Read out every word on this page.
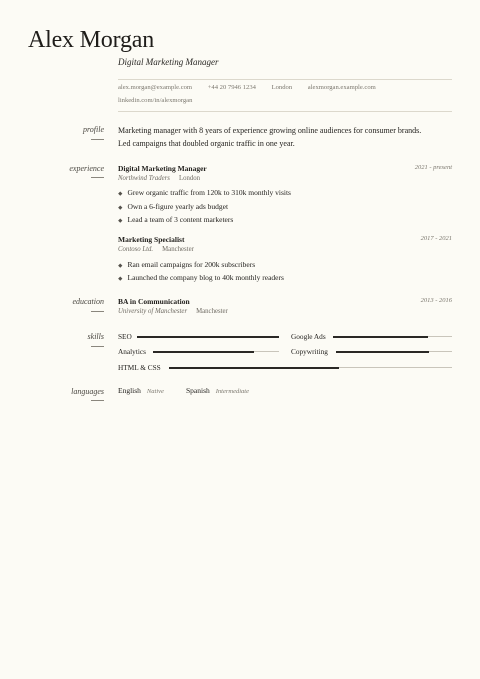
Alex Morgan
Digital Marketing Manager
alex.morgan@example.com +44 20 7946 1234 London alexmorgan.example.com
linkedin.com/in/alexmorgan
profile Marketing manager with 8 years of experience growing online audiences for consumer brands.
Led campaigns that doubled organic traffic in one year.
experience Digital Marketing Manager	2021 - present
Northwind Traders London
Grew organic traffic from 120k to 310k monthly visits
Own a 6-figure yearly ads budget
Lead a team of 3 content marketers
Marketing Specialist	2017 - 2021
Contoso Ltd. Manchester
Ran email campaigns for 200k subscribers
Launched the company blog to 40k monthly readers
education BA in Communication	2013 - 2016
University of Manchester Manchester
skills SEO	Google Ads
Analytics	Copywriting
HTML & CSS
languages English Native	Spanish Intermediate
